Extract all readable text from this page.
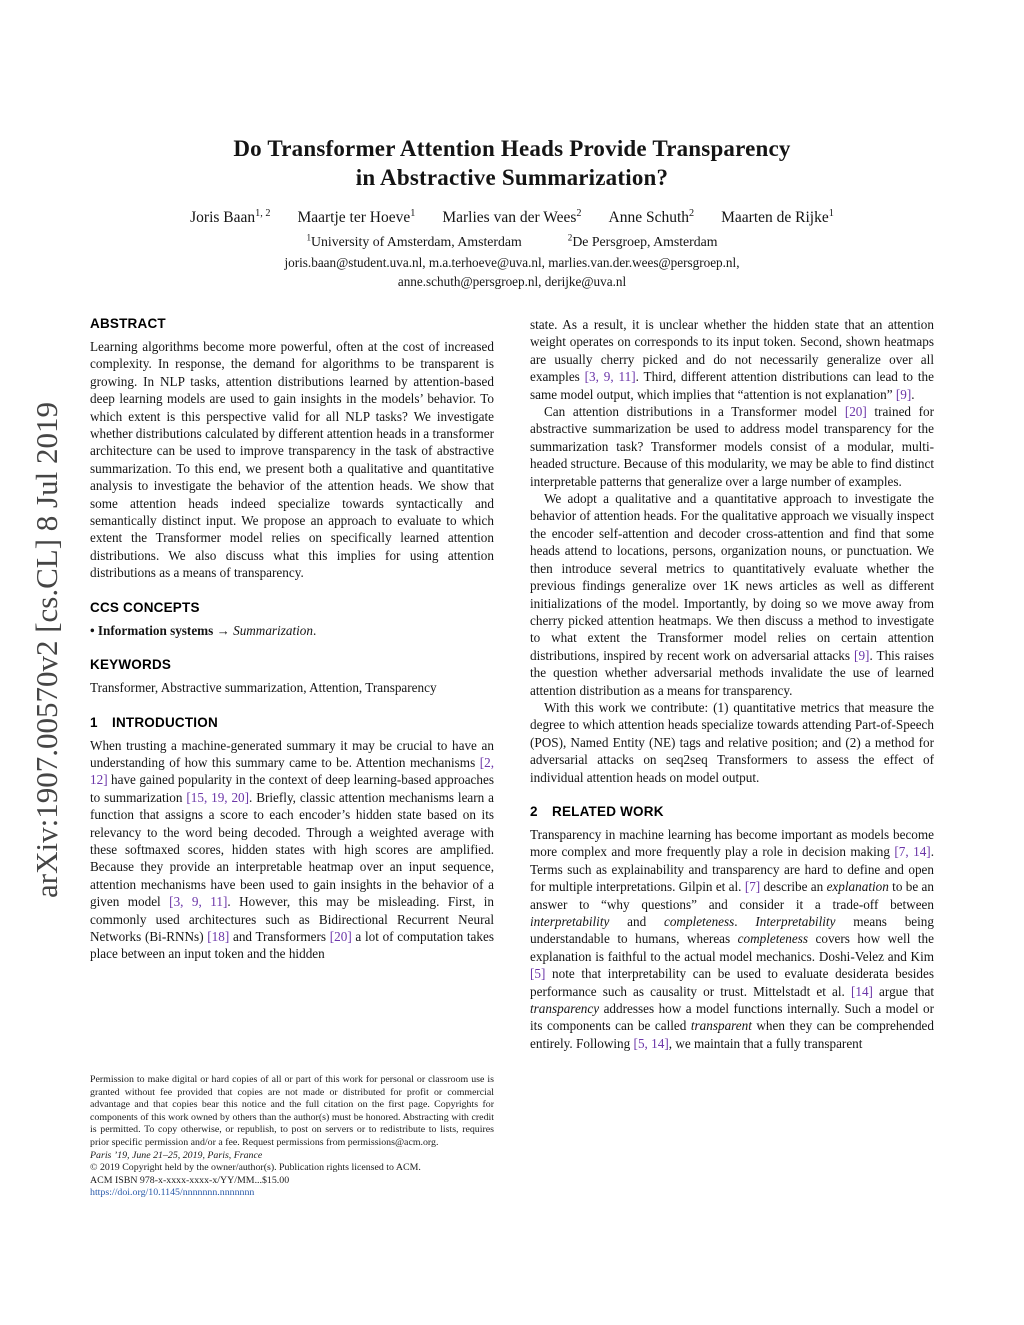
arXiv:1907.00570v2 [cs.CL] 8 Jul 2019
Do Transformer Attention Heads Provide Transparency
in Abstractive Summarization?
Joris Baan$^{1, 2}$ Maartje ter Hoeve$^1$ Marlies van der Wees$^2$ Anne Schuth$^2$ Maarten de Rijke$^1$
$^1$University of Amsterdam, Amsterdam	$^2$De Persgroep, Amsterdam
joris.baan@student.uva.nl, m.a.terhoeve@uva.nl, marlies.van.der.wees@persgroep.nl,
anne.schuth@persgroep.nl, derijke@uva.nl
ABSTRACT

Learning algorithms become more powerful, often at the cost of increased complexity. In response, the demand for algorithms to be transparent is growing. In NLP tasks, attention distributions learned by attention-based deep learning models are used to gain insights in the models’ behavior. To which extent is this perspective valid for all NLP tasks? We investigate whether distributions calculated by different attention heads in a transformer architecture can be used to improve transparency in the task of abstractive summarization. To this end, we present both a qualitative and quantitative analysis to investigate the behavior of the attention heads. We show that some attention heads indeed specialize towards syntactically and semantically distinct input. We propose an approach to evaluate to which extent the Transformer model relies on specifically learned attention distributions. We also discuss what this implies for using attention distributions as a means of transparency.

CCS CONCEPTS

• Information systems → Summarization.

KEYWORDS

Transformer, Abstractive summarization, Attention, Transparency

1 INTRODUCTION

When trusting a machine-generated summary it may be crucial to have an understanding of how this summary came to be. Attention mechanisms [2, 12] have gained popularity in the context of deep learning-based approaches to summarization [15, 19, 20]. Briefly, classic attention mechanisms learn a function that assigns a score to each encoder’s hidden state based on its relevancy to the word being decoded. Through a weighted average with these softmaxed scores, hidden states with high scores are amplified. Because they provide an interpretable heatmap over an input sequence, attention mechanisms have been used to gain insights in the behavior of a given model [3, 9, 11]. However, this may be misleading. First, in commonly used architectures such as Bidirectional Recurrent Neural Networks (Bi-RNNs) [18] and Transformers [20] a lot of computation takes place between an input token and the hidden

Permission to make digital or hard copies of all or part of this work for personal or classroom use is granted without fee provided that copies are not made or distributed for profit or commercial advantage and that copies bear this notice and the full citation on the first page. Copyrights for components of this work owned by others than the author(s) must be honored. Abstracting with credit is permitted. To copy otherwise, or republish, to post on servers or to redistribute to lists, requires prior specific permission and/or a fee. Request permissions from permissions@acm.org.

Paris ’19, June 21–25, 2019, Paris, France

© 2019 Copyright held by the owner/author(s). Publication rights licensed to ACM.

ACM ISBN 978-x-xxxx-xxxx-x/YY/MM...$15.00

https://doi.org/10.1145/nnnnnnn.nnnnnnn

state. As a result, it is unclear whether the hidden state that an attention weight operates on corresponds to its input token. Second, shown heatmaps are usually cherry picked and do not necessarily generalize over all examples [3, 9, 11]. Third, different attention distributions can lead to the same model output, which implies that “attention is not explanation” [9].

Can attention distributions in a Transformer model [20] trained for abstractive summarization be used to address model transparency for the summarization task? Transformer models consist of a modular, multi-headed structure. Because of this modularity, we may be able to find distinct interpretable patterns that generalize over a large number of examples.

We adopt a qualitative and a quantitative approach to investigate the behavior of attention heads. For the qualitative approach we visually inspect the encoder self-attention and decoder cross-attention and find that some heads attend to locations, persons, organization nouns, or punctuation. We then introduce several metrics to quantitatively evaluate whether the previous findings generalize over 1K news articles as well as different initializations of the model. Importantly, by doing so we move away from cherry picked attention heatmaps. We then discuss a method to investigate to what extent the Transformer model relies on certain attention distributions, inspired by recent work on adversarial attacks [9]. This raises the question whether adversarial methods invalidate the use of learned attention distribution as a means for transparency.

With this work we contribute: (1) quantitative metrics that measure the degree to which attention heads specialize towards attending Part-of-Speech (POS), Named Entity (NE) tags and relative position; and (2) a method for adversarial attacks on seq2seq Transformers to assess the effect of individual attention heads on model output.

2 RELATED WORK

Transparency in machine learning has become important as models become more complex and more frequently play a role in decision making [7, 14]. Terms such as explainability and transparency are hard to define and open for multiple interpretations. Gilpin et al. [7] describe an explanation to be an answer to “why questions” and consider it a trade-off between interpretability and completeness. Interpretability means being understandable to humans, whereas completeness covers how well the explanation is faithful to the actual model mechanics. Doshi-Velez and Kim [5] note that interpretability can be used to evaluate desiderata besides performance such as causality or trust. Mittelstadt et al. [14] argue that transparency addresses how a model functions internally. Such a model or its components can be called transparent when they can be comprehended entirely. Following [5, 14], we maintain that a fully transparent
